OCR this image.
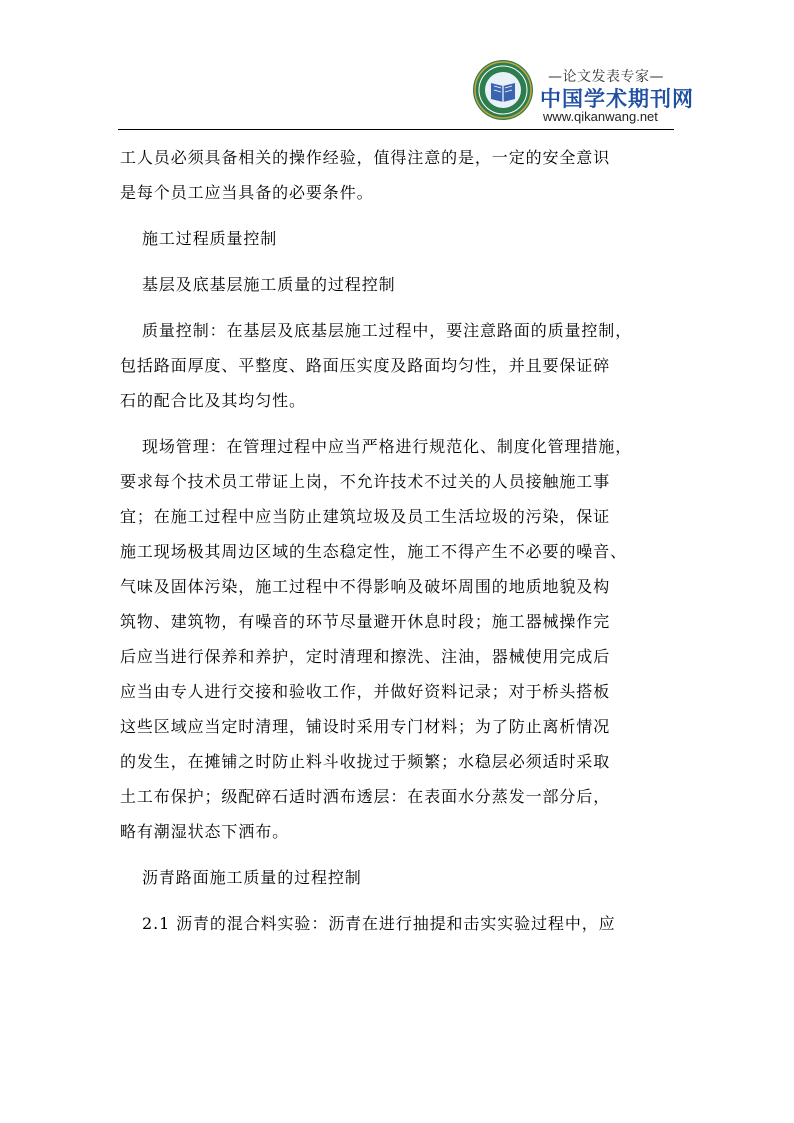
—论文发表专家—
中国学术期刊网
www.qikanwang.net

工人员必须具备相关的操作经验，值得注意的是，一定的安全意识

是每个员工应当具备的必要条件。

施工过程质量控制

基层及底基层施工质量的过程控制

质量控制：在基层及底基层施工过程中，要注意路面的质量控制，

包括路面厚度、平整度、路面压实度及路面均匀性，并且要保证碎

石的配合比及其均匀性。

现场管理：在管理过程中应当严格进行规范化、制度化管理措施，

要求每个技术员工带证上岗，不允许技术不过关的人员接触施工事

宜；在施工过程中应当防止建筑垃圾及员工生活垃圾的污染，保证

施工现场极其周边区域的生态稳定性，施工不得产生不必要的噪音、

气味及固体污染，施工过程中不得影响及破坏周围的地质地貌及构

筑物、建筑物，有噪音的环节尽量避开休息时段；施工器械操作完

后应当进行保养和养护，定时清理和擦洗、注油，器械使用完成后

应当由专人进行交接和验收工作，并做好资料记录；对于桥头搭板

这些区域应当定时清理，铺设时采用专门材料；为了防止离析情况

的发生，在摊铺之时防止料斗收拢过于频繁；水稳层必须适时采取

土工布保护；级配碎石适时洒布透层：在表面水分蒸发一部分后，

略有潮湿状态下洒布。

沥青路面施工质量的过程控制

2.1 沥青的混合料实验：沥青在进行抽提和击实实验过程中，应
